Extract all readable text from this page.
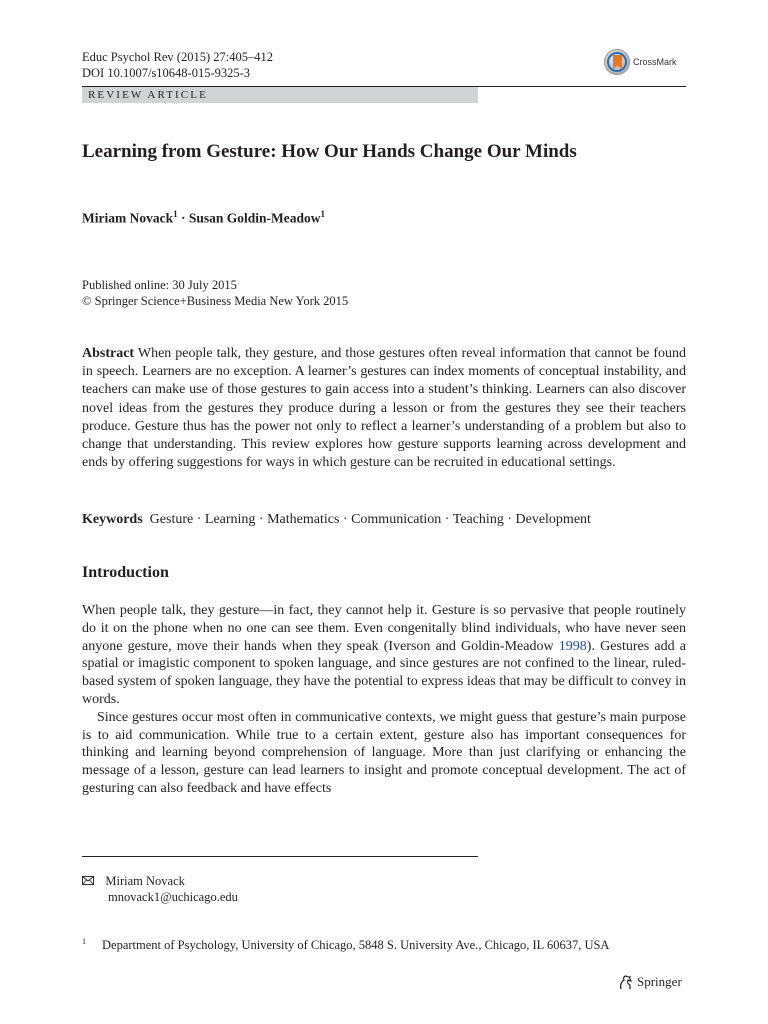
Educ Psychol Rev (2015) 27:405–412
DOI 10.1007/s10648-015-9325-3
CrossMark
REVIEW ARTICLE
Learning from Gesture: How Our Hands Change Our Minds
Miriam Novack$^1$ · Susan Goldin-Meadow$^1$
Published online: 30 July 2015
© Springer Science+Business Media New York 2015
Abstract When people talk, they gesture, and those gestures often reveal information that cannot be found in speech. Learners are no exception. A learner’s gestures can index moments of conceptual instability, and teachers can make use of those gestures to gain access into a student’s thinking. Learners can also discover novel ideas from the gestures they produce during a lesson or from the gestures they see their teachers produce. Gesture thus has the power not only to reflect a learner’s understanding of a problem but also to change that understanding. This review explores how gesture supports learning across development and ends by offering suggestions for ways in which gesture can be recruited in educational settings.
Keywords Gesture · Learning · Mathematics · Communication · Teaching · Development
Introduction

When people talk, they gesture—in fact, they cannot help it. Gesture is so pervasive that people routinely do it on the phone when no one can see them. Even congenitally blind individuals, who have never seen anyone gesture, move their hands when they speak (Iverson and Goldin-Meadow 1998). Gestures add a spatial or imagistic component to spoken language, and since gestures are not confined to the linear, ruled-based system of spoken language, they have the potential to express ideas that may be difficult to convey in words.

Since gestures occur most often in communicative contexts, we might guess that gesture’s main purpose is to aid communication. While true to a certain extent, gesture also has important consequences for thinking and learning beyond comprehension of language. More than just clarifying or enhancing the message of a lesson, gesture can lead learners to insight and promote conceptual development. The act of gesturing can also feedback and have effects

Miriam Novack
mnovack1@uchicago.edu
$^1$ Department of Psychology, University of Chicago, 5848 S. University Ave., Chicago, IL 60637, USA
Springer
